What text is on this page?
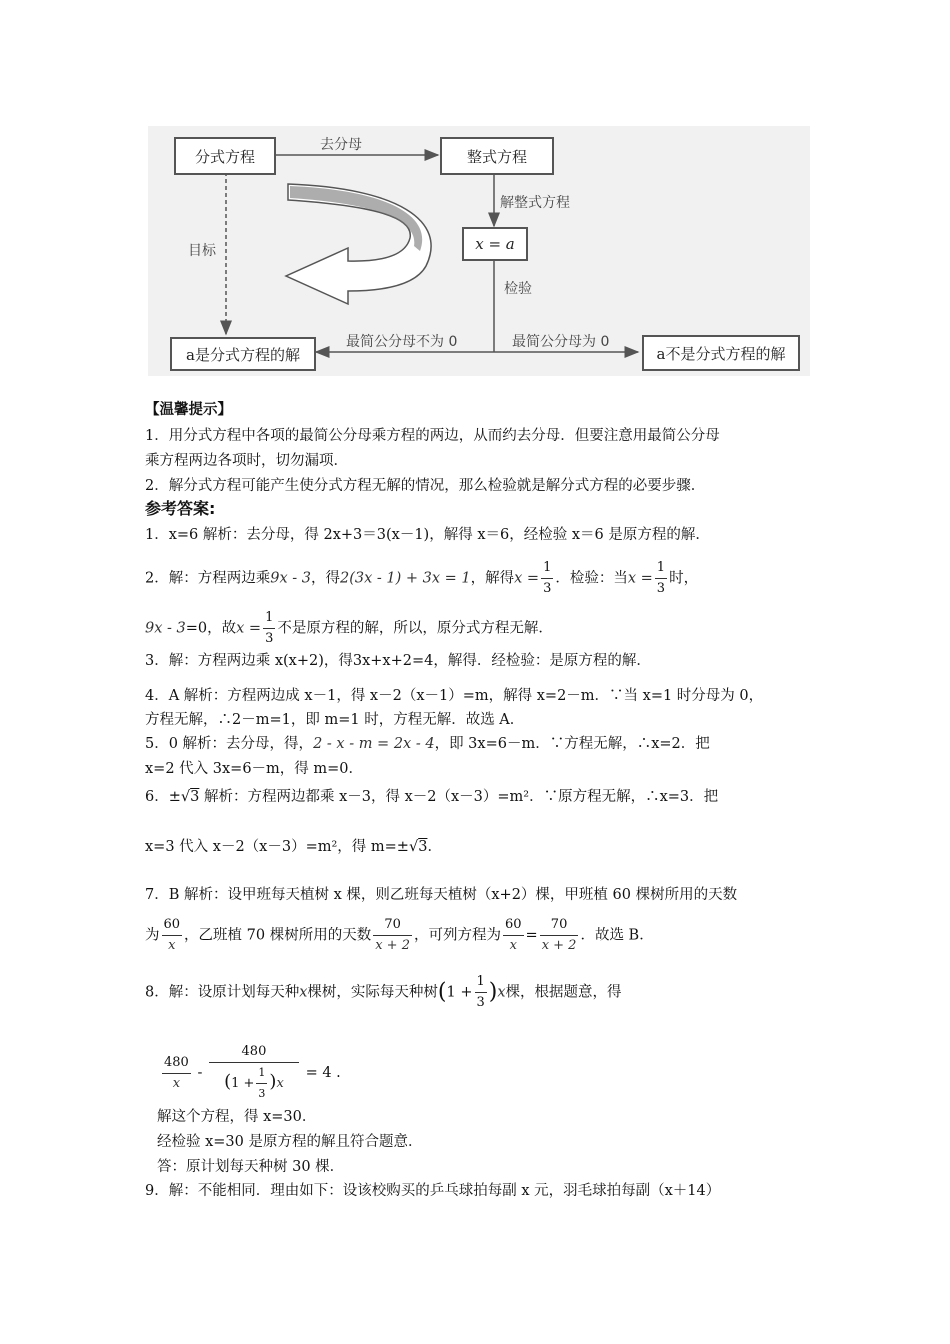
分式方程	整式方程
x = a
a是分式方程的解	a不是分式方程的解
去分母
解整式方程
目标
检验
最简公分母不为 0	最简公分母为 0
【温馨提示】
1．用分式方程中各项的最简公分母乘方程的两边，从而约去分母．但要注意用最简公分母
乘方程两边各项时，切勿漏项．
2．解分式方程可能产生使分式方程无解的情况，那么检验就是解分式方程的必要步骤．
参考答案:
1．x=6 解析：去分母，得 2x+3＝3(x－1)，解得 x＝6，经检验 x＝6 是原方程的解．
2．解：方程两边乘9x - 3，得2(3x - 1) + 3x = 1，解得$x = \frac{1}{3}$ ．检验：当$x = \frac{1}{3}$ 时，
9x - 3=0，故$x = \frac{1}{3}$ 不是原方程的解，所以，原分式方程无解．
3．解：方程两边乘 x(x+2)，得3x+x+2=4，解得．经检验：是原方程的解．
4．A 解析：方程两边成 x－1，得 x－2（x－1）=m，解得 x=2－m．∵当 x=1 时分母为 0，
方程无解，∴2－m=1，即 m=1 时，方程无解．故选 A．
5．0 解析：去分母，得，2 - x - m = 2x - 4，即 3x=6－m．∵方程无解，∴x=2．把
x=2 代入 3x=6－m，得 m=0．
6．±√3 解析：方程两边都乘 x－3，得 x－2（x－3）=m²．∵原方程无解，∴x=3．把
x=3 代入 x－2（x－3）=m²，得 m=±√3．
7．B 解析：设甲班每天植树 x 棵，则乙班每天植树（x+2）棵，甲班植 60 棵树所用的天数
为 $\frac{60}{x}$ ，乙班植 70 棵树所用的天数 $\frac{70}{x + 2}$ ，可列方程为 $\frac{60}{x} = \frac{70}{x + 2}$ ．故选 B．
8．解：设原计划每天种x棵树，实际每天种树$(1 + \frac{1}{3} )x$棵，根据题意，得
$\frac{480}{x} - \frac{480}{(1 + \frac{1}{3} )x} = 4$ .
解这个方程，得 x=30．
经检验 x=30 是原方程的解且符合题意．
答：原计划每天种树 30 棵．
9．解：不能相同．理由如下：设该校购买的乒乓球拍每副 x 元，羽毛球拍每副（x＋14）
